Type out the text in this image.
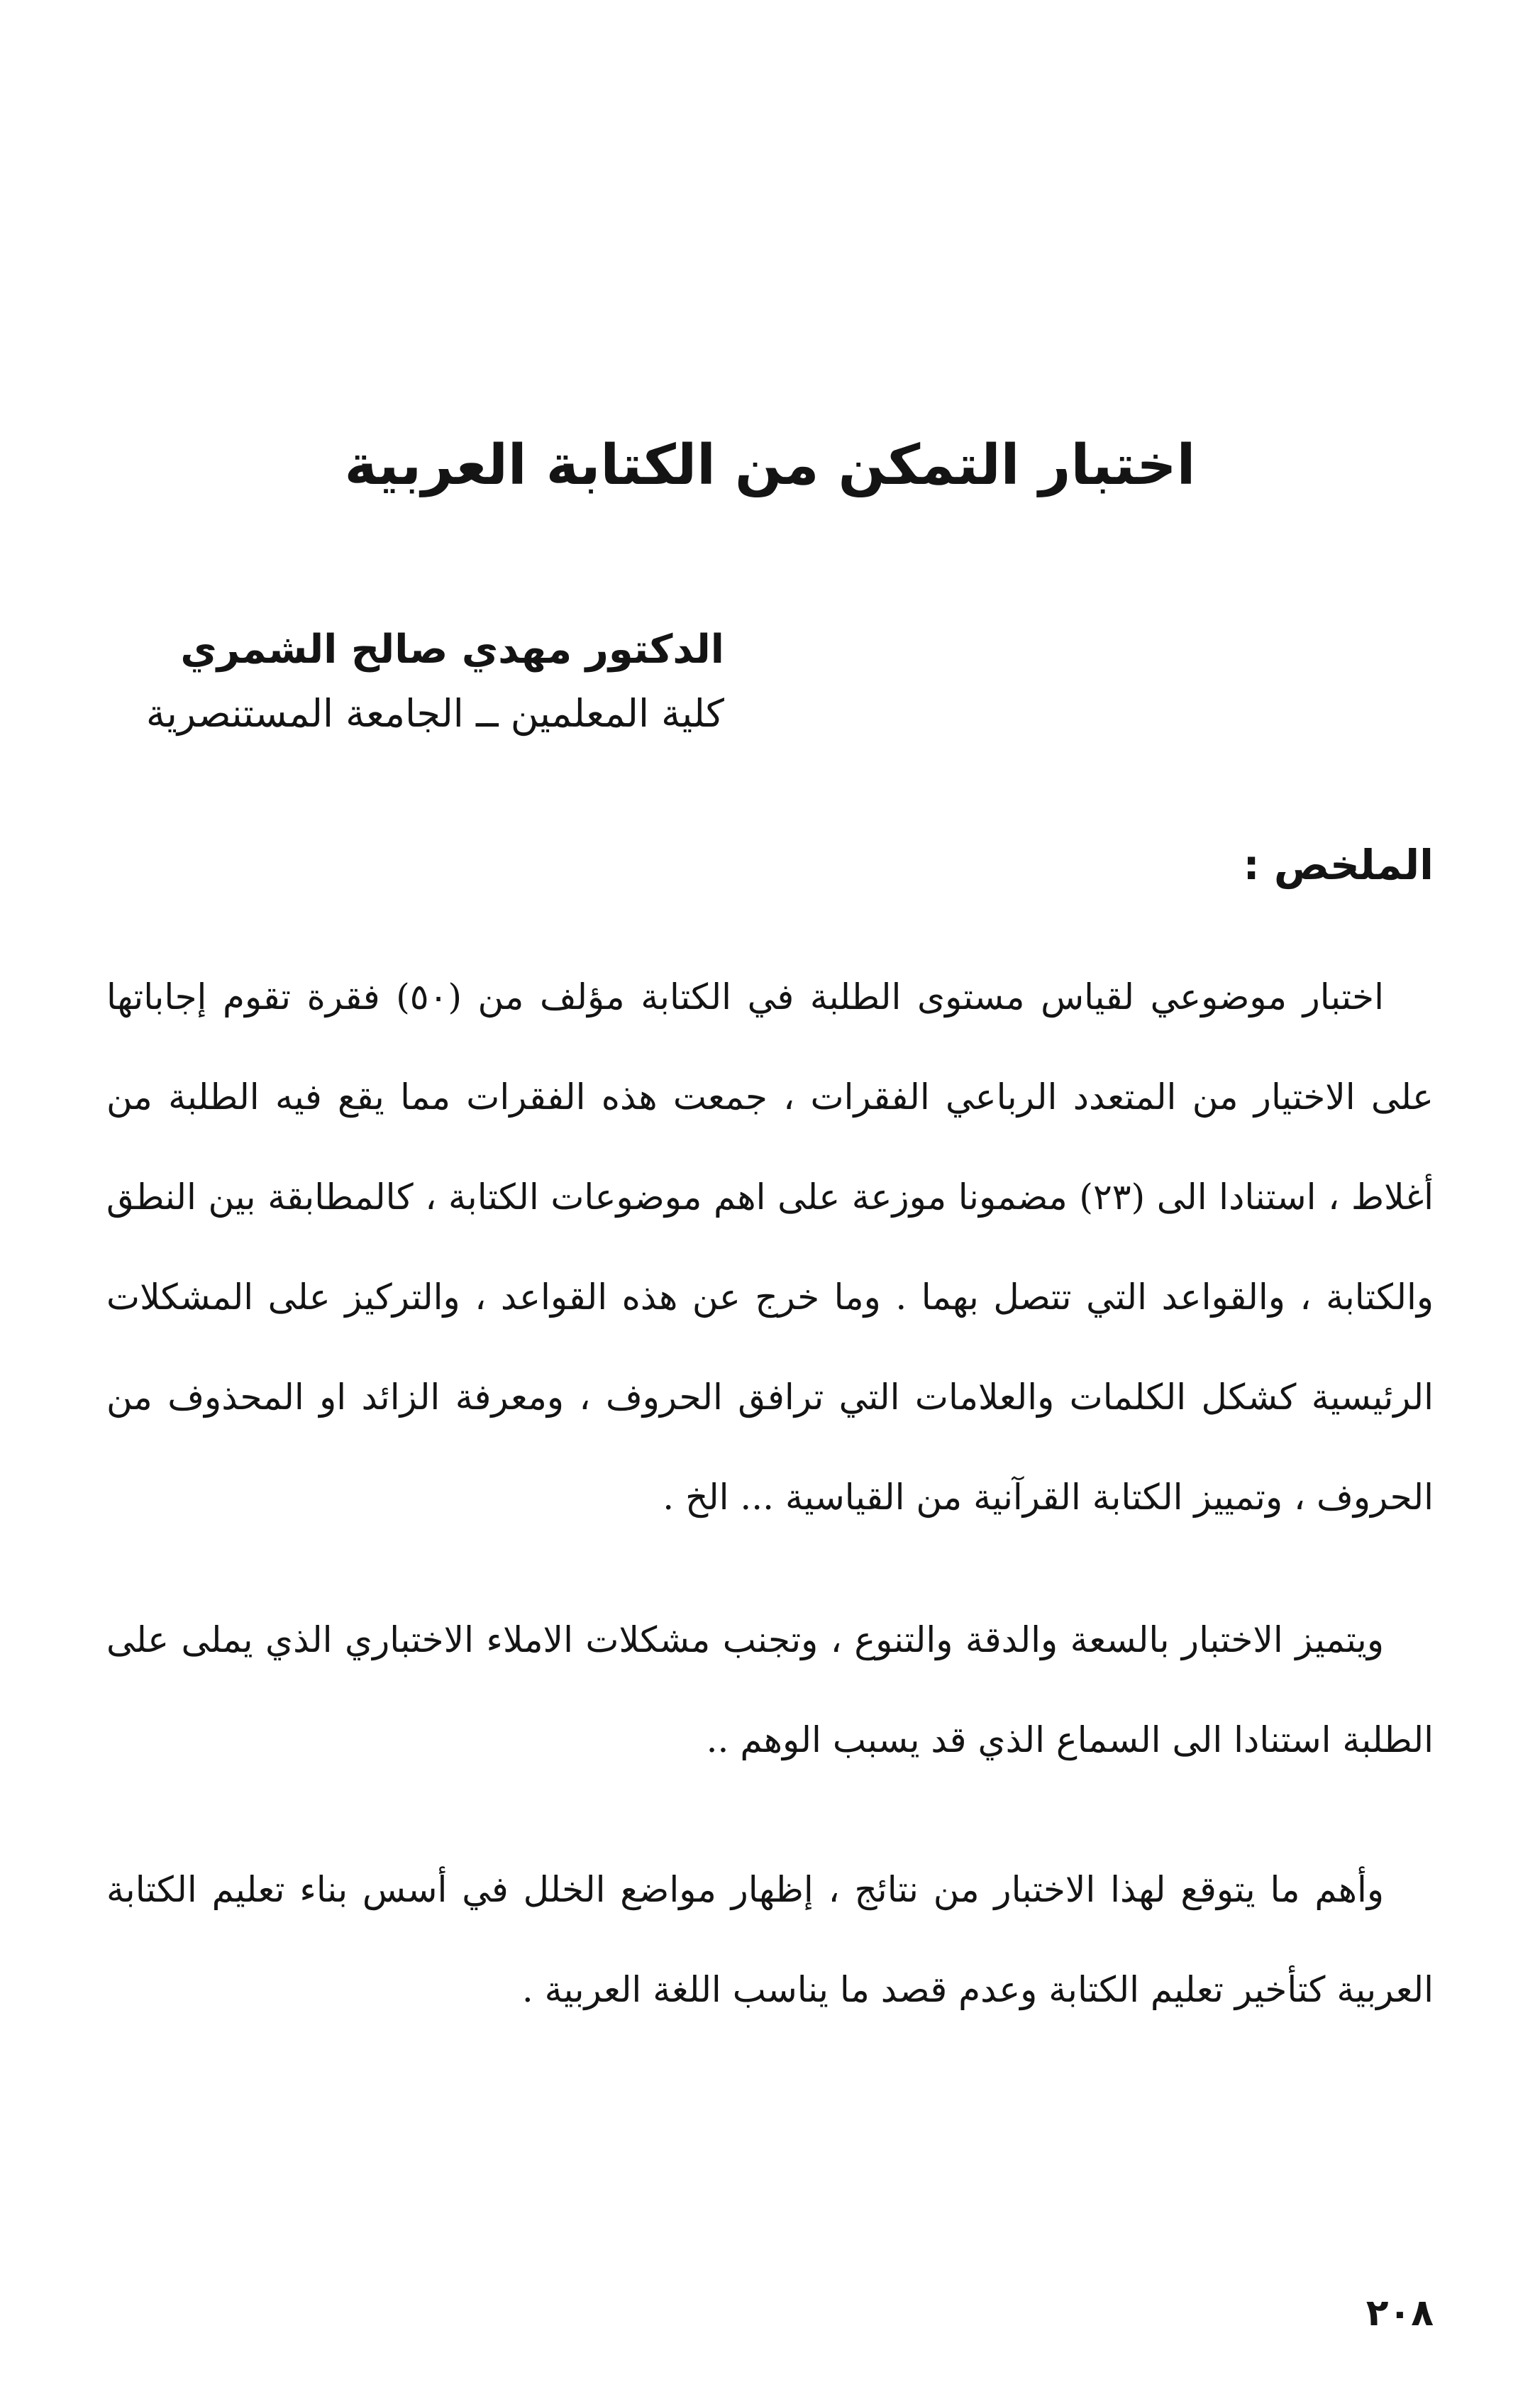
اختبار التمكن من الكتابة العربية

الدكتور مهدي صالح الشمري

كلية المعلمين ــ الجامعة المستنصرية

الملخص :

اختبار موضوعي لقياس مستوى الطلبة في الكتابة مؤلف من (٥٠) فقرة تقوم إجاباتها على الاختيار من المتعدد الرباعي الفقرات ، جمعت هذه الفقرات مما يقع فيه الطلبة من أغلاط ، استنادا الى (٢٣) مضمونا موزعة على اهم موضوعات الكتابة ، كالمطابقة بين النطق والكتابة ، والقواعد التي تتصل بهما . وما خرج عن هذه القواعد ، والتركيز على المشكلات الرئيسية كشكل الكلمات والعلامات التي ترافق الحروف ، ومعرفة الزائد او المحذوف من الحروف ، وتمييز الكتابة القرآنية من القياسية ... الخ .

ويتميز الاختبار بالسعة والدقة والتنوع ، وتجنب مشكلات الاملاء الاختباري الذي يملى على الطلبة استنادا الى السماع الذي قد يسبب الوهم ..

وأهم ما يتوقع لهذا الاختبار من نتائج ، إظهار مواضع الخلل في أسس بناء تعليم الكتابة العربية كتأخير تعليم الكتابة وعدم قصد ما يناسب اللغة العربية .

٢٠٨
